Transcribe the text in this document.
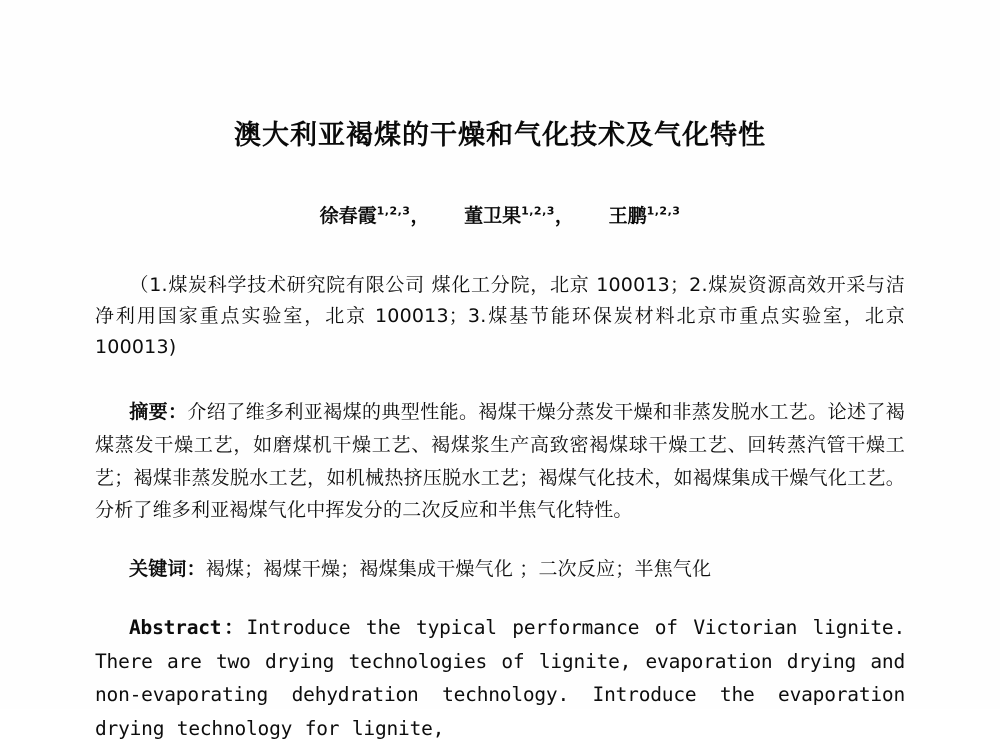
澳大利亚褐煤的干燥和气化技术及气化特性
徐春霞$^{1,2,3}$， 董卫果$^{1,2,3}$， 王鹏$^{1,2,3}$
（1.煤炭科学技术研究院有限公司 煤化工分院，北京 100013；2.煤炭资源高效开采与洁净利用国家重点实验室，北京 100013；3.煤基节能环保炭材料北京市重点实验室，北京 100013)
摘要：介绍了维多利亚褐煤的典型性能。褐煤干燥分蒸发干燥和非蒸发脱水工艺。论述了褐煤蒸发干燥工艺，如磨煤机干燥工艺、褐煤浆生产高致密褐煤球干燥工艺、回转蒸汽管干燥工艺；褐煤非蒸发脱水工艺，如机械热挤压脱水工艺；褐煤气化技术，如褐煤集成干燥气化工艺。分析了维多利亚褐煤气化中挥发分的二次反应和半焦气化特性。
关键词：褐煤；褐煤干燥；褐煤集成干燥气化 ；二次反应；半焦气化
Abstract：Introduce the typical performance of Victorian lignite. There are two drying technologies of lignite, evaporation drying and non-evaporating dehydration technology. Introduce the evaporation drying technology for lignite,
